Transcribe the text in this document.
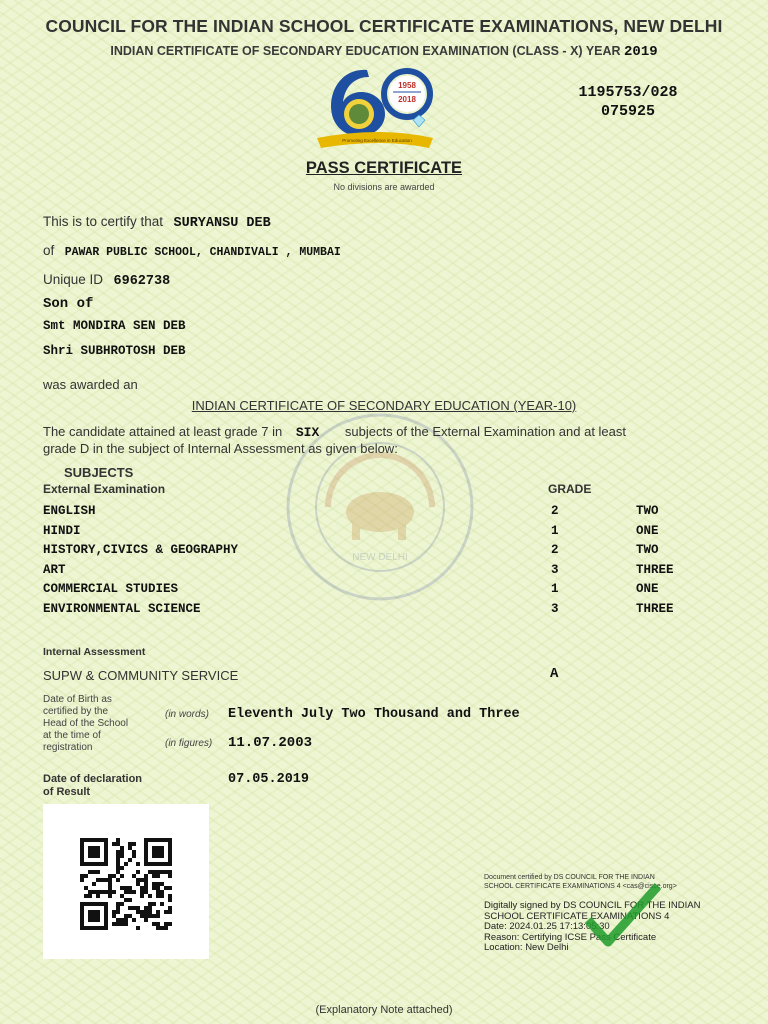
COUNCIL FOR THE INDIAN SCHOOL CERTIFICATE EXAMINATIONS, NEW DELHI
INDIAN CERTIFICATE OF SECONDARY EDUCATION EXAMINATION (CLASS - X) YEAR 2019
1195753/028
075925
1958
2018
Promoting Excellence in Education
PASS CERTIFICATE
No divisions are awarded
NEW DELHI
This is to certify that SURYANSU DEB
of PAWAR PUBLIC SCHOOL, CHANDIVALI , MUMBAI
Unique ID 6962738
Son of
Smt MONDIRA SEN DEB
Shri SUBHROTOSH DEB
was awarded an
INDIAN CERTIFICATE OF SECONDARY EDUCATION (YEAR-10)
The candidate attained at least grade 7 in SIX subjects of the External Examination and at least
grade D in the subject of Internal Assessment as given below:
SUBJECTS
External Examination	GRADE
ENGLISH	2	TWO
HINDI	1	ONE
HISTORY,CIVICS & GEOGRAPHY	2	TWO
ART	3	THREE
COMMERCIAL STUDIES	1	ONE
ENVIRONMENTAL SCIENCE	3	THREE
Internal Assessment
SUPW & COMMUNITY SERVICE	A
Date of Birth as
certified by the
Head of the School
at the time of
registration
(in words) Eleventh July Two Thousand and Three
(in figures) 11.07.2003
Date of declaration
of Result
07.05.2019
Document certified by DS COUNCIL FOR THE INDIAN
SCHOOL CERTIFICATE EXAMINATIONS 4 <cas@cisce.org>
Digitally signed by DS COUNCIL FOR THE INDIAN
SCHOOL CERTIFICATE EXAMINATIONS 4
Date: 2024.01.25 17:13:05:30
Reason: Certifying ICSE Pass Certificate
Location: New Delhi
(Explanatory Note attached)
